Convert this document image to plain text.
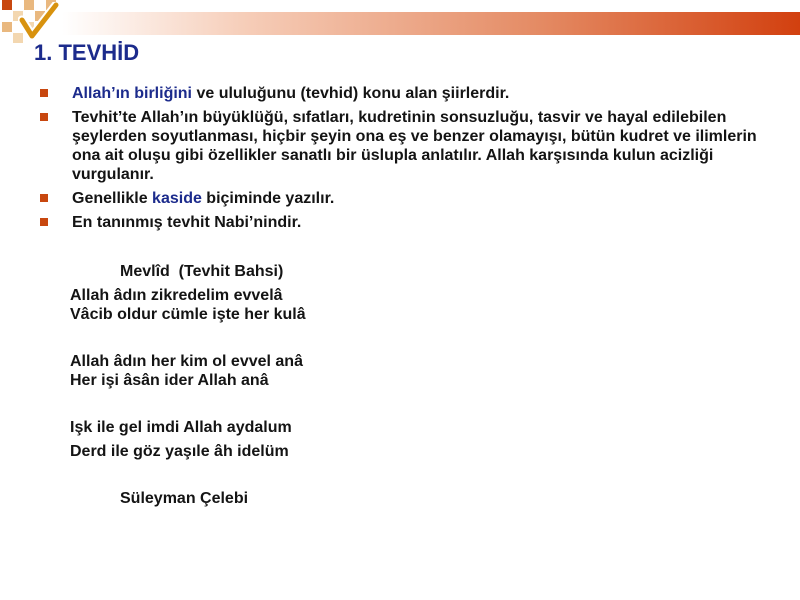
1. TEVHİD
Allah’ın birliğini ve ululuğunu (tevhid) konu alan şiirlerdir.
Tevhit’te Allah’ın büyüklüğü, sıfatları, kudretinin sonsuzluğu, tasvir ve hayal edilebilen şeylerden soyutlanması, hiçbir şeyin ona eş ve benzer olamayışı, bütün kudret ve ilimlerin ona ait oluşu gibi özellikler sanatlı bir üslupla anlatılır. Allah karşısında kulun acizliği vurgulanır.
Genellikle kaside biçiminde yazılır.
En tanınmış tevhit Nabi’nindir.
Mevlîd  (Tevhit Bahsi)
Allah âdın zikredelim evvelâ
Vâcib oldur cümle işte her kulâ
Allah âdın her kim ol evvel anâ
Her işi âsân ider Allah anâ
Işk ile gel imdi Allah aydalum
Derd ile göz yaşıle âh idelüm
Süleyman Çelebi
